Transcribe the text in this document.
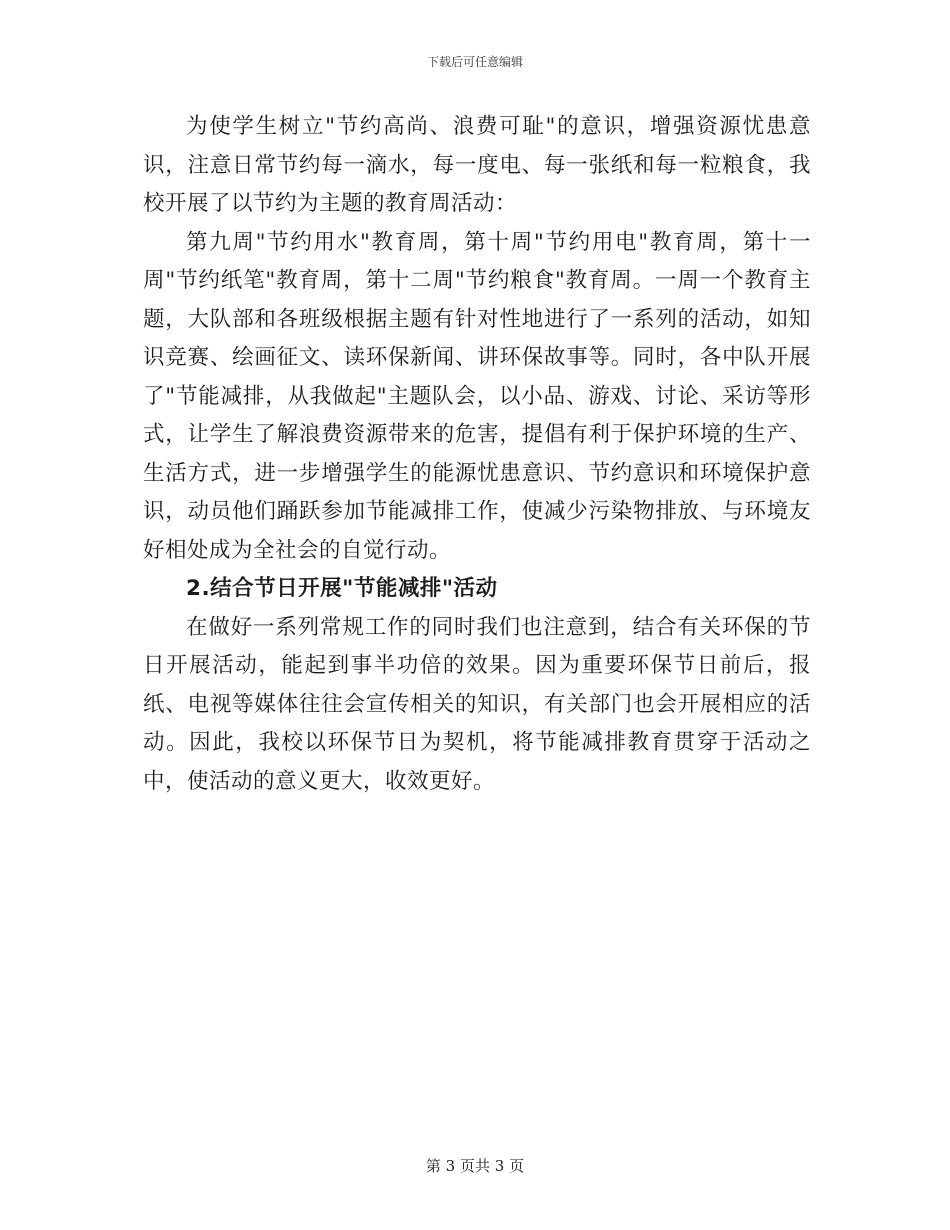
下载后可任意编辑

为使学生树立"节约高尚、浪费可耻"的意识，增强资源忧患意识，注意日常节约每一滴水，每一度电、每一张纸和每一粒粮食，我校开展了以节约为主题的教育周活动：

第九周"节约用水"教育周，第十周"节约用电"教育周，第十一周"节约纸笔"教育周，第十二周"节约粮食"教育周。一周一个教育主题，大队部和各班级根据主题有针对性地进行了一系列的活动，如知识竞赛、绘画征文、读环保新闻、讲环保故事等。同时，各中队开展了"节能减排，从我做起"主题队会，以小品、游戏、讨论、采访等形式，让学生了解浪费资源带来的危害，提倡有利于保护环境的生产、生活方式，进一步增强学生的能源忧患意识、节约意识和环境保护意识，动员他们踊跃参加节能减排工作，使减少污染物排放、与环境友好相处成为全社会的自觉行动。

2.结合节日开展"节能减排"活动

在做好一系列常规工作的同时我们也注意到，结合有关环保的节日开展活动，能起到事半功倍的效果。因为重要环保节日前后，报纸、电视等媒体往往会宣传相关的知识，有关部门也会开展相应的活动。因此，我校以环保节日为契机，将节能减排教育贯穿于活动之中，使活动的意义更大，收效更好。

第 3 页共 3 页
